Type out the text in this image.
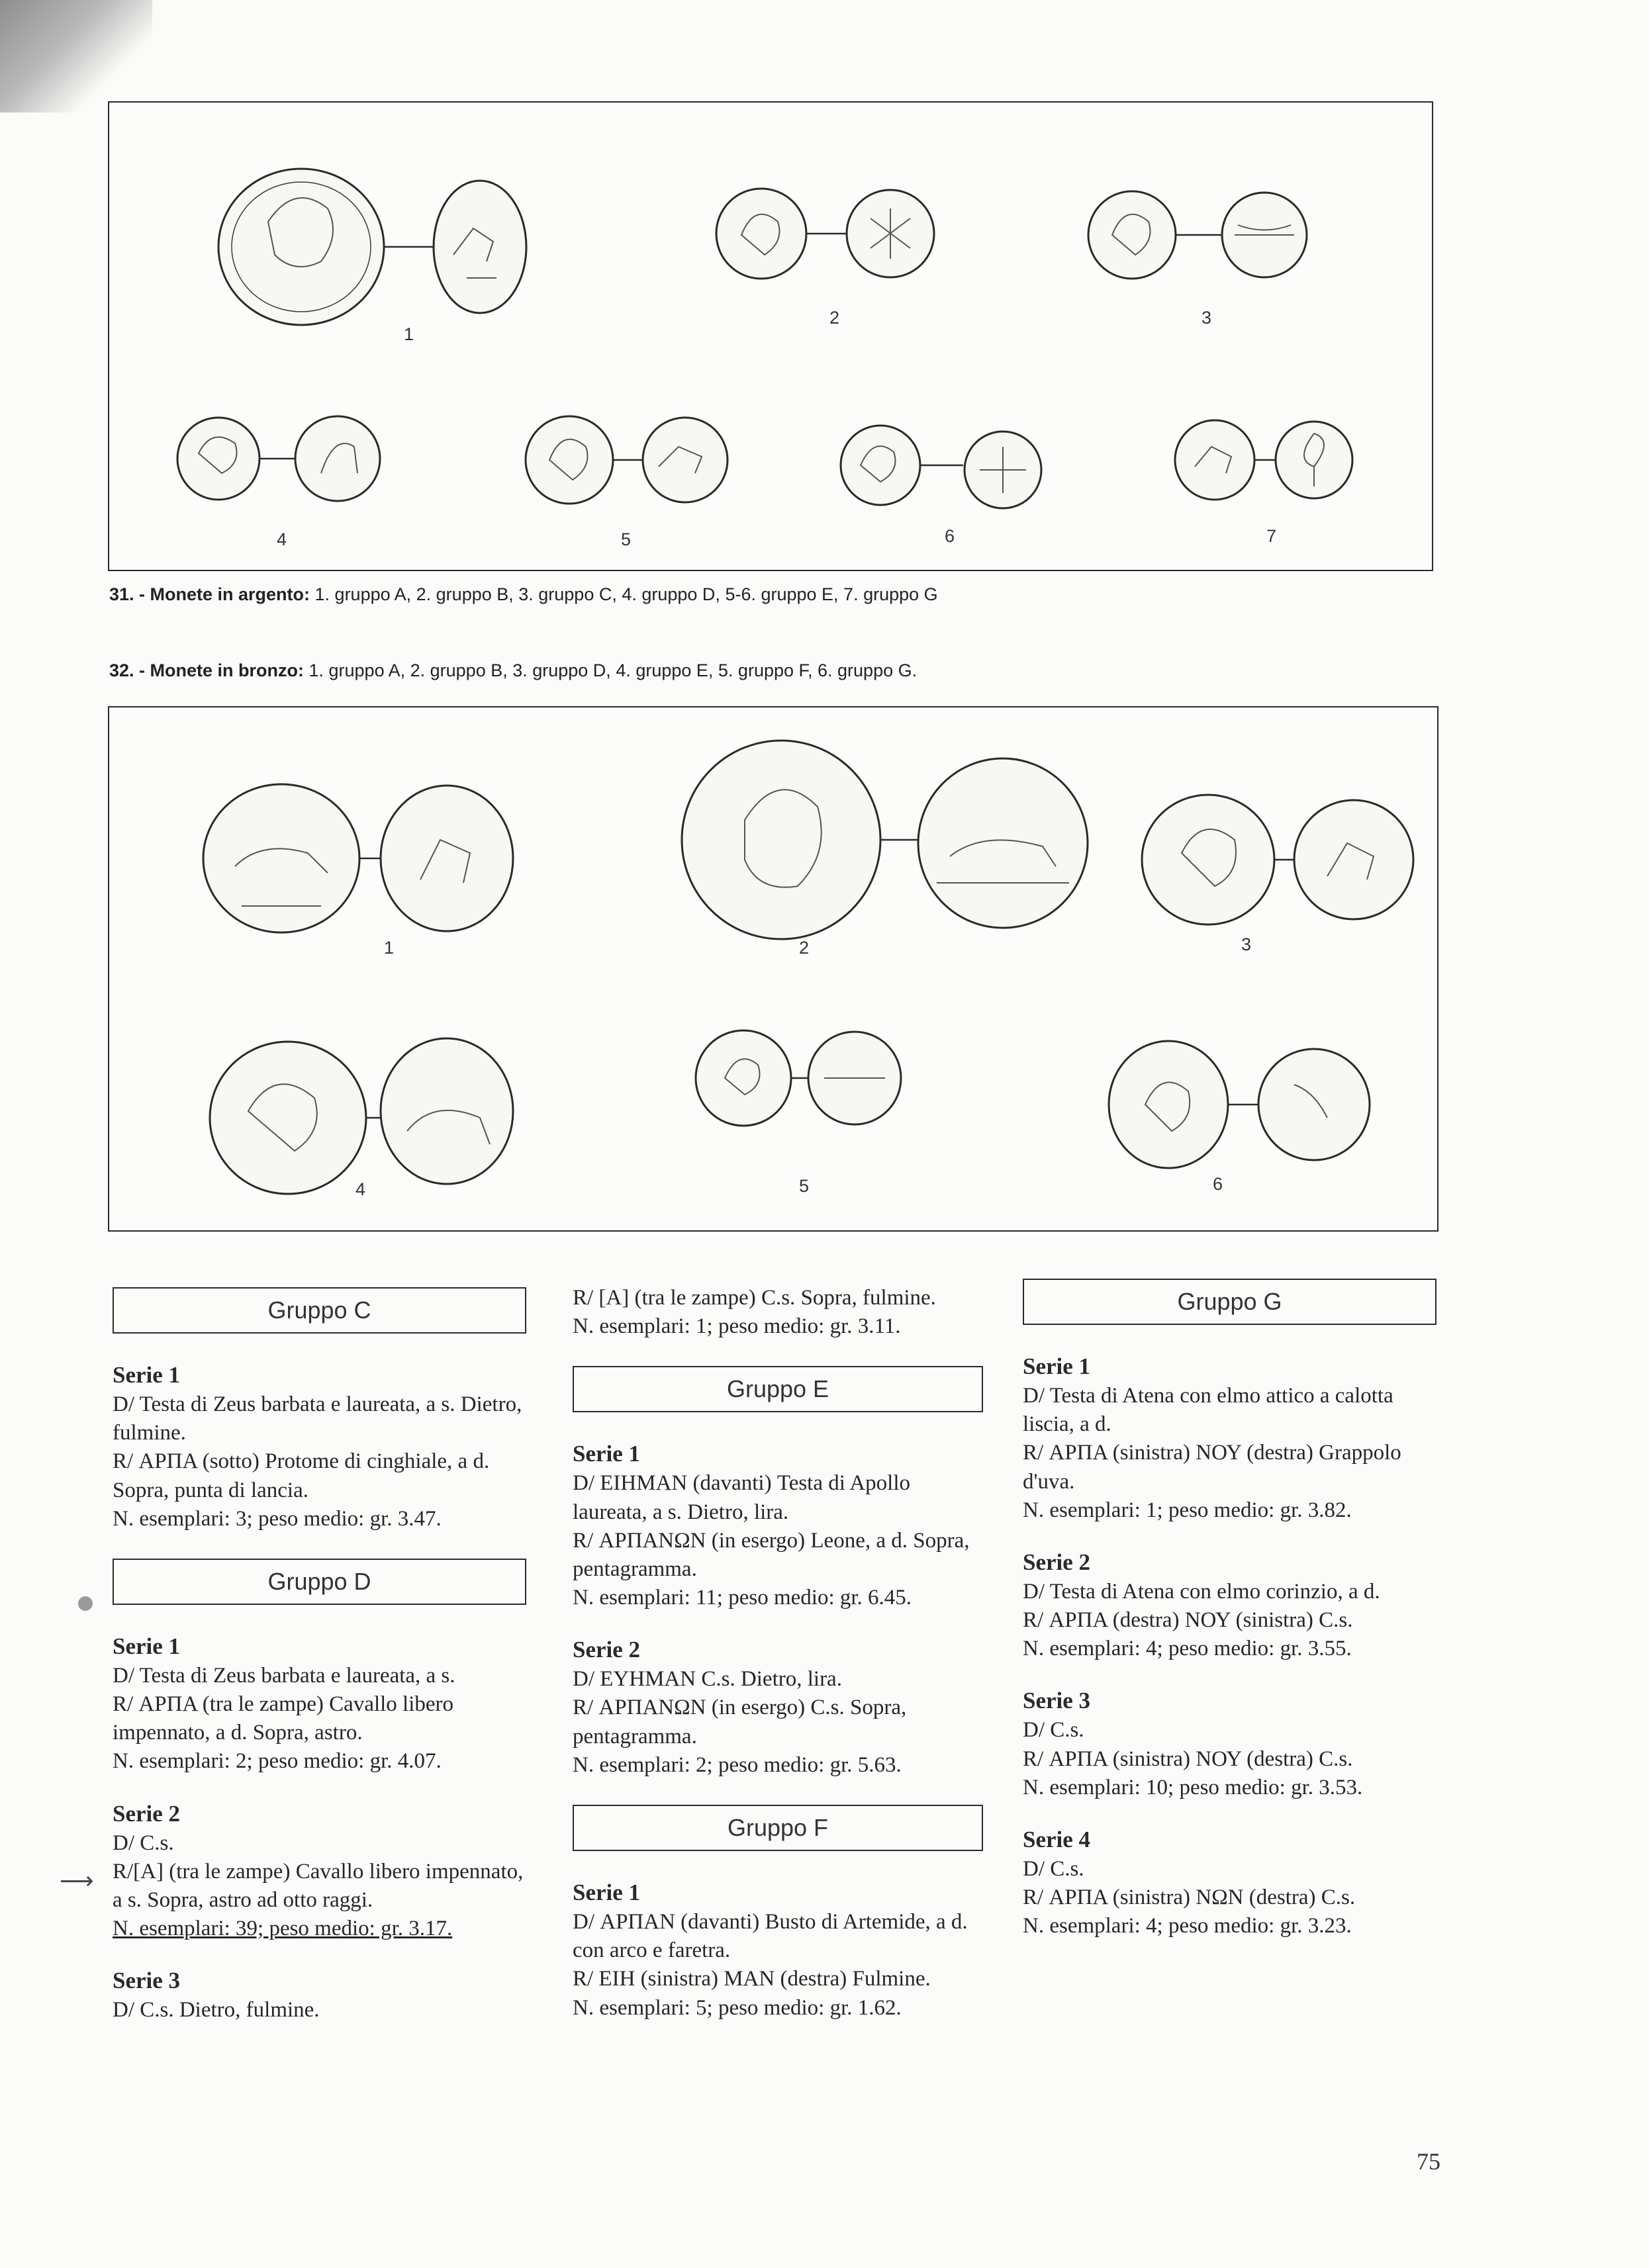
1
2	3
4	5	6	7
31. - Monete in argento: 1. gruppo A, 2. gruppo B, 3. gruppo C, 4. gruppo D, 5-6. gruppo E, 7. gruppo G
32. - Monete in bronzo: 1. gruppo A, 2. gruppo B, 3. gruppo D, 4. gruppo E, 5. gruppo F, 6. gruppo G.
1	2	3
4	5	6
⟶
Gruppo C

Serie 1

D/ Testa di Zeus barbata e laureata, a s. Dietro, fulmine.

R/ ΑΡΠΑ (sotto) Protome di cinghiale, a d. Sopra, punta di lancia.

N. esemplari: 3; peso medio: gr. 3.47.

Gruppo D

Serie 1

D/ Testa di Zeus barbata e laureata, a s.

R/ ΑΡΠΑ (tra le zampe) Cavallo libero impennato, a d. Sopra, astro.

N. esemplari: 2; peso medio: gr. 4.07.

Serie 2

D/ C.s.

R/[A] (tra le zampe) Cavallo libero impennato, a s. Sopra, astro ad otto raggi.

N. esemplari: 39; peso medio: gr. 3.17.

Serie 3

D/ C.s. Dietro, fulmine.

R/ [A] (tra le zampe) C.s. Sopra, fulmine.

N. esemplari: 1; peso medio: gr. 3.11.

Gruppo E

Serie 1

D/ ΕΙΗΜΑΝ (davanti) Testa di Apollo laureata, a s. Dietro, lira.

R/ ΑΡΠΑΝΩΝ (in esergo) Leone, a d. Sopra, pentagramma.

N. esemplari: 11; peso medio: gr. 6.45.

Serie 2

D/ ΕΥΗΜΑΝ C.s. Dietro, lira.

R/ ΑΡΠΑΝΩΝ (in esergo) C.s. Sopra, pentagramma.

N. esemplari: 2; peso medio: gr. 5.63.

Gruppo F

Serie 1

D/ ΑΡΠΑΝ (davanti) Busto di Artemide, a d. con arco e faretra.

R/ ΕΙΗ (sinistra) ΜΑΝ (destra) Fulmine.

N. esemplari: 5; peso medio: gr. 1.62.

Gruppo G

Serie 1

D/ Testa di Atena con elmo attico a calotta liscia, a d.

R/ ΑΡΠΑ (sinistra) ΝΟΥ (destra) Grappolo d'uva.

N. esemplari: 1; peso medio: gr. 3.82.

Serie 2

D/ Testa di Atena con elmo corinzio, a d.

R/ ΑΡΠΑ (destra) ΝΟΥ (sinistra) C.s.

N. esemplari: 4; peso medio: gr. 3.55.

Serie 3

D/ C.s.

R/ ΑΡΠΑ (sinistra) ΝΟΥ (destra) C.s.

N. esemplari: 10; peso medio: gr. 3.53.

Serie 4

D/ C.s.

R/ ΑΡΠΑ (sinistra) ΝΩΝ (destra) C.s.

N. esemplari: 4; peso medio: gr. 3.23.

75
